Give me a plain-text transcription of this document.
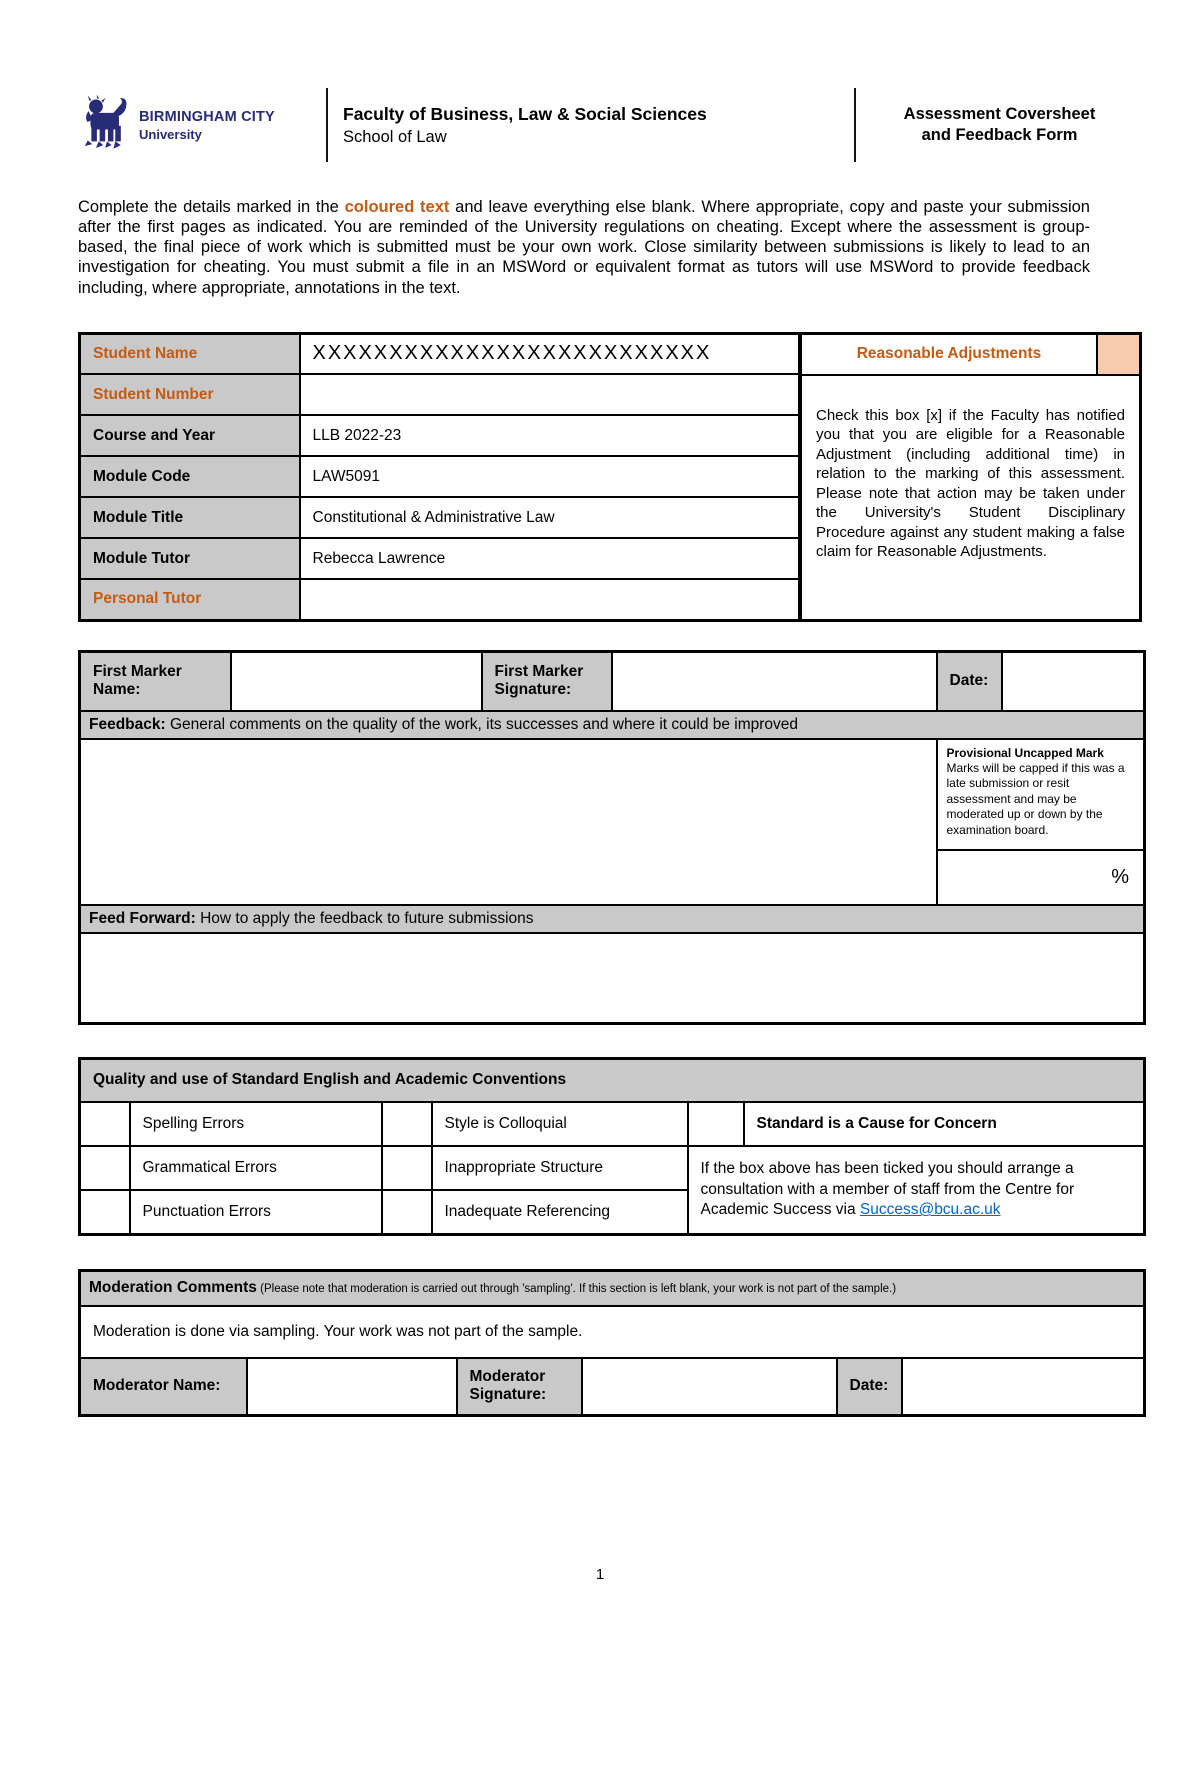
BIRMINGHAM CITY
University
Faculty of Business, Law & Social Sciences
School of Law
Assessment Coversheet
and Feedback Form

Complete the details marked in the coloured text and leave everything else blank. Where appropriate, copy and paste your submission after the first pages as indicated. You are reminded of the University regulations on cheating. Except where the assessment is group-based, the final piece of work which is submitted must be your own work. Close similarity between submissions is likely to lead to an investigation for cheating. You must submit a file in an MSWord or equivalent format as tutors will use MSWord to provide feedback including, where appropriate, annotations in the text.

Student Name	XXXXXXXXXXXXXXXXXXXXXXXXXX
Student Number	
Course and Year	LLB 2022-23
Module Code	LAW5091
Module Title	Constitutional & Administrative Law
Module Tutor	Rebecca Lawrence
Personal Tutor	
Reasonable Adjustments
Check this box [x] if the Faculty has notified you that you are eligible for a Reasonable Adjustment (including additional time) in relation to the marking of this assessment. Please note that action may be taken under the University's Student Disciplinary Procedure against any student making a false claim for Reasonable Adjustments.
First Marker Name:		First Marker Signature:		Date:	
Feedback: General comments on the quality of the work, its successes and where it could be improved					

				Provisional Uncapped Mark
Marks will be capped if this was a late submission or resit assessment and may be moderated up or down by the examination board.	

				%	
Feed Forward: How to apply the feedback to future submissions					

Quality and use of Standard English and Academic Conventions					
	Spelling Errors		Style is Colloquial		Standard is a Cause for Concern
	Grammatical Errors		Inappropriate Structure	If the box above has been ticked you should arrange a consultation with a member of staff from the Centre for Academic Success via Success@bcu.ac.uk	
	Punctuation Errors		Inadequate Referencing		
Moderation Comments (Please note that moderation is carried out through 'sampling'. If this section is left blank, your work is not part of the sample.)
Moderation is done via sampling. Your work was not part of the sample.
Moderator Name:		Moderator Signature:		Date:	
1
